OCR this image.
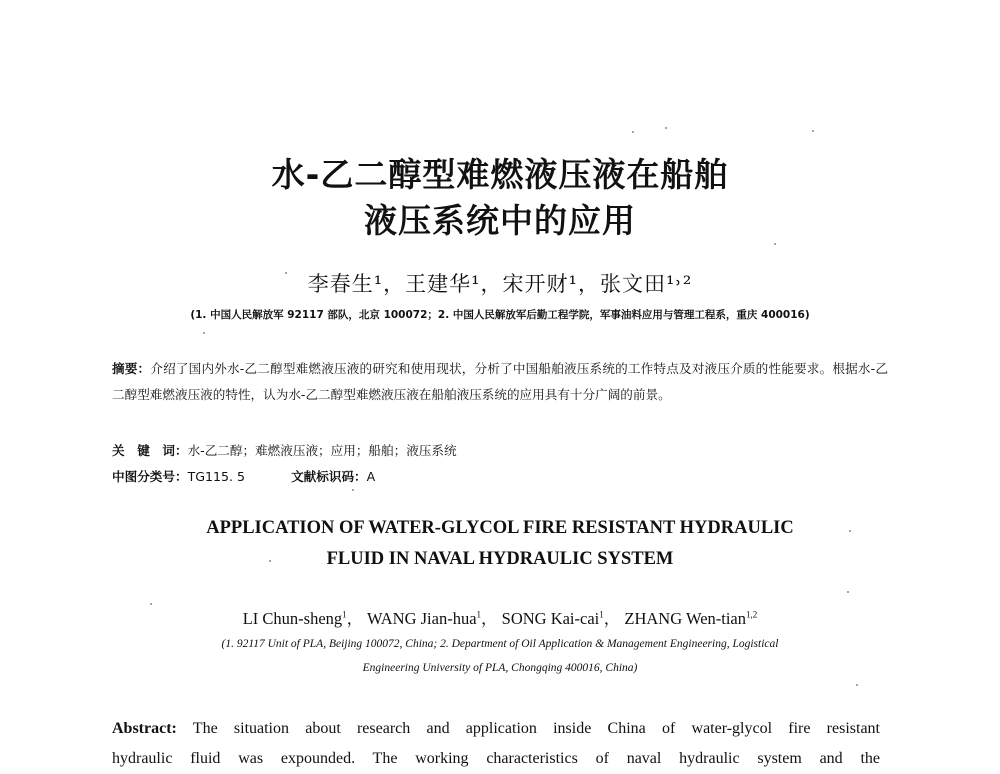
水-乙二醇型难燃液压液在船舶
液压系统中的应用
李春生¹，王建华¹，宋开财¹，张文田¹˒²
(1. 中国人民解放军 92117 部队，北京 100072；2. 中国人民解放军后勤工程学院，军事油料应用与管理工程系，重庆 400016)
摘要：介绍了国内外水-乙二醇型难燃液压液的研究和使用现状，分析了中国船舶液压系统的工作特点及对液压介质的性能要求。根据水-乙二醇型难燃液压液的特性，认为水-乙二醇型难燃液压液在船舶液压系统的应用具有十分广阔的前景。
关　键　词：水-乙二醇；难燃液压液；应用；船舶；液压系统
中图分类号：TG115. 5	文献标识码：A
APPLICATION OF WATER-GLYCOL FIRE RESISTANT HYDRAULIC
FLUID IN NAVAL HYDRAULIC SYSTEM
LI Chun-sheng$^1$， WANG Jian-hua$^1$， SONG Kai-cai$^1$， ZHANG Wen-tian$^{1,2}$
(1. 92117 Unit of PLA, Beijing 100072, China; 2. Department of Oil Application & Management Engineering, Logistical
Engineering University of PLA, Chongqing 400016, China)
Abstract: The situation about research and application inside China of water-glycol fire resistant
hydraulic fluid was expounded. The working characteristics of naval hydraulic system and the
